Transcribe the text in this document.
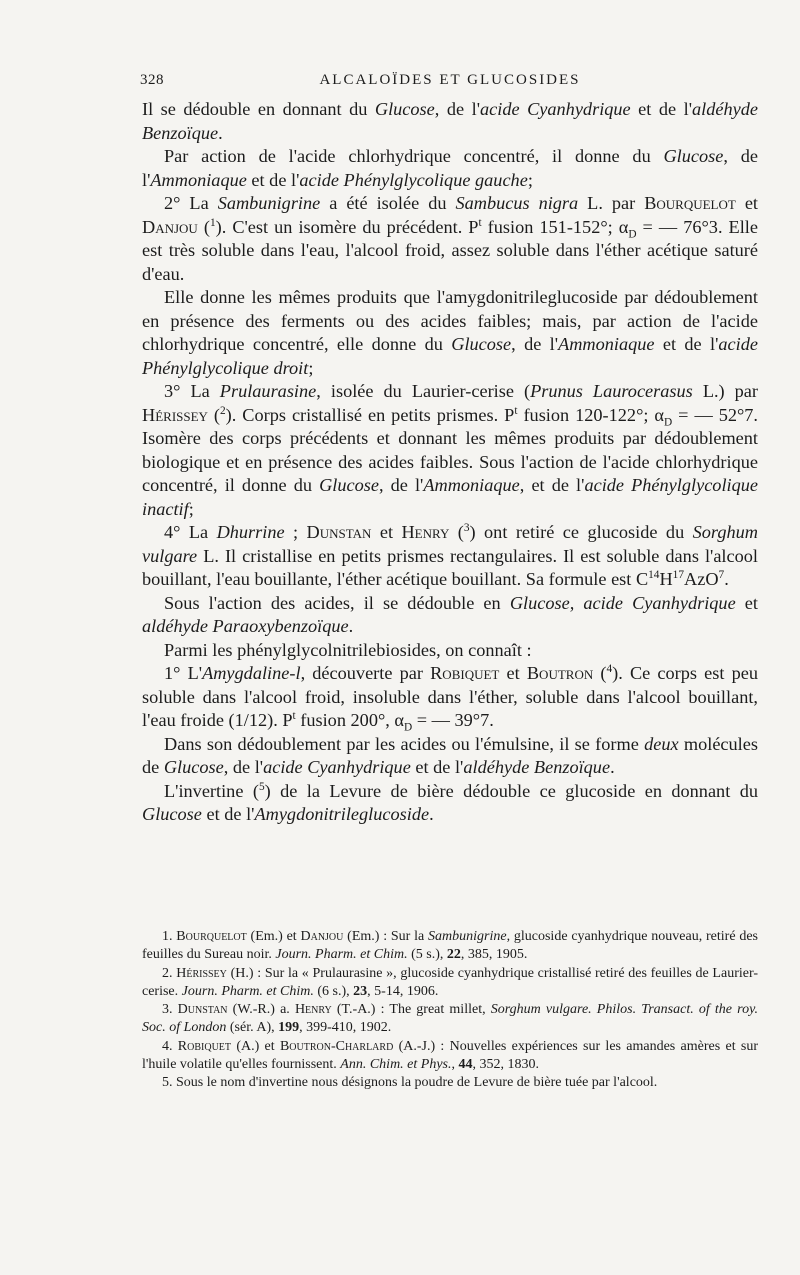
328	ALCALOÏDES ET GLUCOSIDES

Il se dédouble en donnant du Glucose, de l'acide Cyanhydrique et de l'aldéhyde Benzoïque.

Par action de l'acide chlorhydrique concentré, il donne du Glucose, de l'Ammoniaque et de l'acide Phénylglycolique gauche;

2° La Sambunigrine a été isolée du Sambucus nigra L. par Bourquelot et Danjou ($^1$). C'est un isomère du précédent. $P^t$ fusion 151-152°; $\alpha_D$ = — 76°3. Elle est très soluble dans l'eau, l'alcool froid, assez soluble dans l'éther acétique saturé d'eau.

Elle donne les mêmes produits que l'amygdonitrileglucoside par dédoublement en présence des ferments ou des acides faibles; mais, par action de l'acide chlorhydrique concentré, elle donne du Glucose, de l'Ammoniaque et de l'acide Phénylglycolique droit;

3° La Prulaurasine, isolée du Laurier-cerise (Prunus Laurocerasus L.) par Hérissey ($^2$). Corps cristallisé en petits prismes. $P^t$ fusion 120-122°; $\alpha_D$ = — 52°7. Isomère des corps précédents et donnant les mêmes produits par dédoublement biologique et en présence des acides faibles. Sous l'action de l'acide chlorhydrique concentré, il donne du Glucose, de l'Ammoniaque, et de l'acide Phénylglycolique inactif;

4° La Dhurrine ; Dunstan et Henry ($^3$) ont retiré ce glucoside du Sorghum vulgare L. Il cristallise en petits prismes rectangulaires. Il est soluble dans l'alcool bouillant, l'eau bouillante, l'éther acétique bouillant. Sa formule est $C^{14}H^{17}AzO^7$.

Sous l'action des acides, il se dédouble en Glucose, acide Cyanhydrique et aldéhyde Paraoxybenzoïque.

Parmi les phénylglycolnitrilebiosides, on connaît :

1° L'Amygdaline-l, découverte par Robiquet et Boutron ($^4$). Ce corps est peu soluble dans l'alcool froid, insoluble dans l'éther, soluble dans l'alcool bouillant, l'eau froide (1/12). $P^t$ fusion 200°, $\alpha_D$ = — 39°7.

Dans son dédoublement par les acides ou l'émulsine, il se forme deux molécules de Glucose, de l'acide Cyanhydrique et de l'aldéhyde Benzoïque.

L'invertine ($^5$) de la Levure de bière dédouble ce glucoside en donnant du Glucose et de l'Amygdonitrileglucoside.

1. Bourquelot (Em.) et Danjou (Em.) : Sur la Sambunigrine, glucoside cyanhydrique nouveau, retiré des feuilles du Sureau noir. Journ. Pharm. et Chim. (5 s.), 22, 385, 1905.

2. Hérissey (H.) : Sur la « Prulaurasine », glucoside cyanhydrique cristallisé retiré des feuilles de Laurier-cerise. Journ. Pharm. et Chim. (6 s.), 23, 5-14, 1906.

3. Dunstan (W.-R.) a. Henry (T.-A.) : The great millet, Sorghum vulgare. Philos. Transact. of the roy. Soc. of London (sér. A), 199, 399-410, 1902.

4. Robiquet (A.) et Boutron-Charlard (A.-J.) : Nouvelles expériences sur les amandes amères et sur l'huile volatile qu'elles fournissent. Ann. Chim. et Phys., 44, 352, 1830.

5. Sous le nom d'invertine nous désignons la poudre de Levure de bière tuée par l'alcool.
